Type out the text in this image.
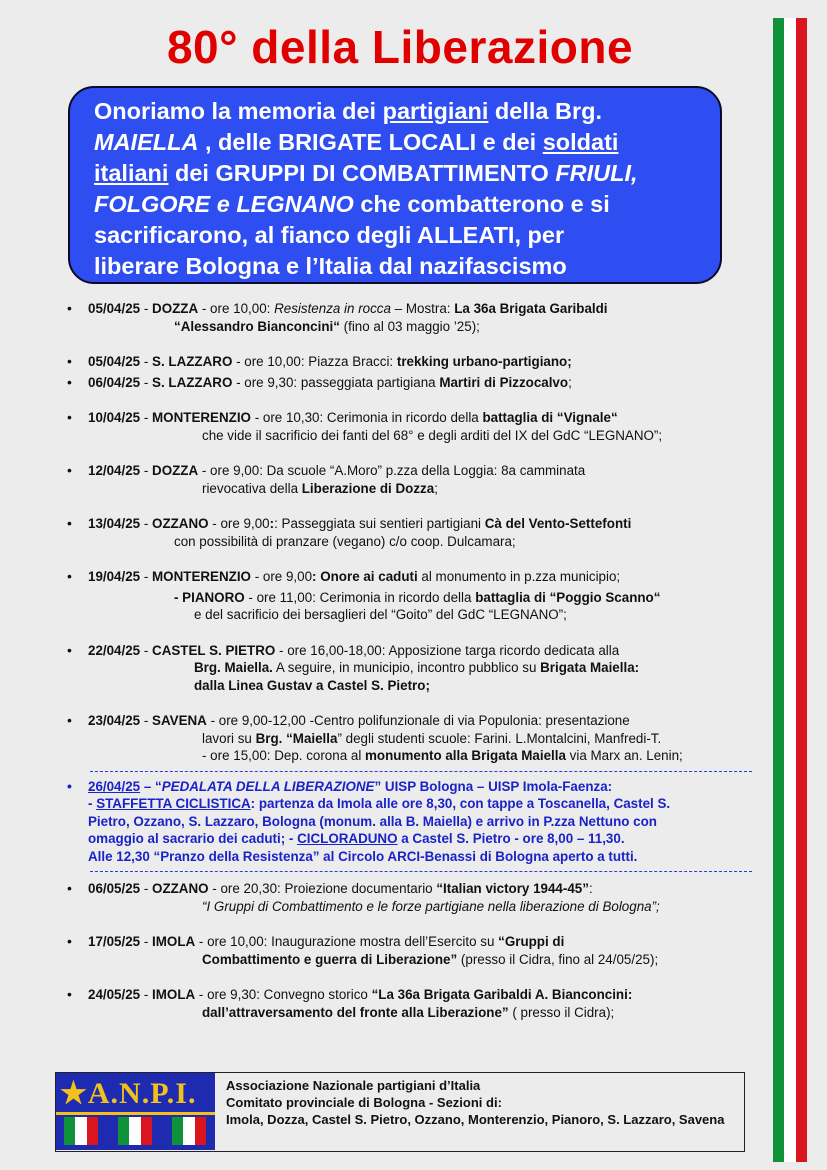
80° della Liberazione

Onoriamo la memoria dei partigiani della Brg.

MAIELLA , delle BRIGATE LOCALI e dei soldati

italiani dei GRUPPI DI COMBATTIMENTO FRIULI,

FOLGORE e LEGNANO che combatterono e si

sacrificarono, al fianco degli ALLEATI, per

liberare Bologna e l’Italia dal nazifascismo

• 05/04/25 - DOZZA - ore 10,00: Resistenza in rocca – Mostra: La 36a Brigata Garibaldi

“Alessandro Bianconcini“ (fino al 03 maggio ’25);

• 05/04/25 - S. LAZZARO - ore 10,00: Piazza Bracci: trekking urbano-partigiano;

• 06/04/25 - S. LAZZARO - ore 9,30: passeggiata partigiana Martiri di Pizzocalvo;

• 10/04/25 - MONTERENZIO - ore 10,30: Cerimonia in ricordo della battaglia di “Vignale“

che vide il sacrificio dei fanti del 68° e degli arditi del IX del GdC “LEGNANO”;

• 12/04/25 - DOZZA - ore 9,00: Da scuole “A.Moro” p.zza della Loggia: 8a camminata

rievocativa della Liberazione di Dozza;

• 13/04/25 - OZZANO - ore 9,00:: Passeggiata sui sentieri partigiani Cà del Vento-Settefonti

con possibilità di pranzare (vegano) c/o coop. Dulcamara;

• 19/04/25 - MONTERENZIO - ore 9,00: Onore ai caduti al monumento in p.zza municipio;

- PIANORO - ore 11,00: Cerimonia in ricordo della battaglia di “Poggio Scanno“

e del sacrificio dei bersaglieri del “Goito” del GdC “LEGNANO”;

• 22/04/25 - CASTEL S. PIETRO - ore 16,00-18,00: Apposizione targa ricordo dedicata alla

Brg. Maiella. A seguire, in municipio, incontro pubblico su Brigata Maiella:

dalla Linea Gustav a Castel S. Pietro;

• 23/04/25 - SAVENA - ore 9,00-12,00 -Centro polifunzionale di via Populonia: presentazione

lavori su Brg. “Maiella” degli studenti scuole: Farini. L.Montalcini, Manfredi-T.

- ore 15,00: Dep. corona al monumento alla Brigata Maiella via Marx an. Lenin;

• 26/04/25 – “PEDALATA DELLA LIBERAZIONE” UISP Bologna – UISP Imola-Faenza:

- STAFFETTA CICLISTICA: partenza da Imola alle ore 8,30, con tappe a Toscanella, Castel S.

Pietro, Ozzano, S. Lazzaro, Bologna (monum. alla B. Maiella) e arrivo in P.zza Nettuno con

omaggio al sacrario dei caduti; - CICLORADUNO a Castel S. Pietro - ore 8,00 – 11,30.

Alle 12,30 “Pranzo della Resistenza” al Circolo ARCI-Benassi di Bologna aperto a tutti.

• 06/05/25 - OZZANO - ore 20,30: Proiezione documentario “Italian victory 1944-45”:

“I Gruppi di Combattimento e le forze partigiane nella liberazione di Bologna”;

• 17/05/25 - IMOLA - ore 10,00: Inaugurazione mostra dell’Esercito su “Gruppi di

Combattimento e guerra di Liberazione” (presso il Cidra, fino al 24/05/25);

• 24/05/25 - IMOLA - ore 9,30: Convegno storico “La 36a Brigata Garibaldi A. Bianconcini:

dall’attraversamento del fronte alla Liberazione” ( presso il Cidra);

★A.N.P.I. Associazione Nazionale partigiani d’Italia

Comitato provinciale di Bologna - Sezioni di:

Imola, Dozza, Castel S. Pietro, Ozzano, Monterenzio, Pianoro, S. Lazzaro, Savena
